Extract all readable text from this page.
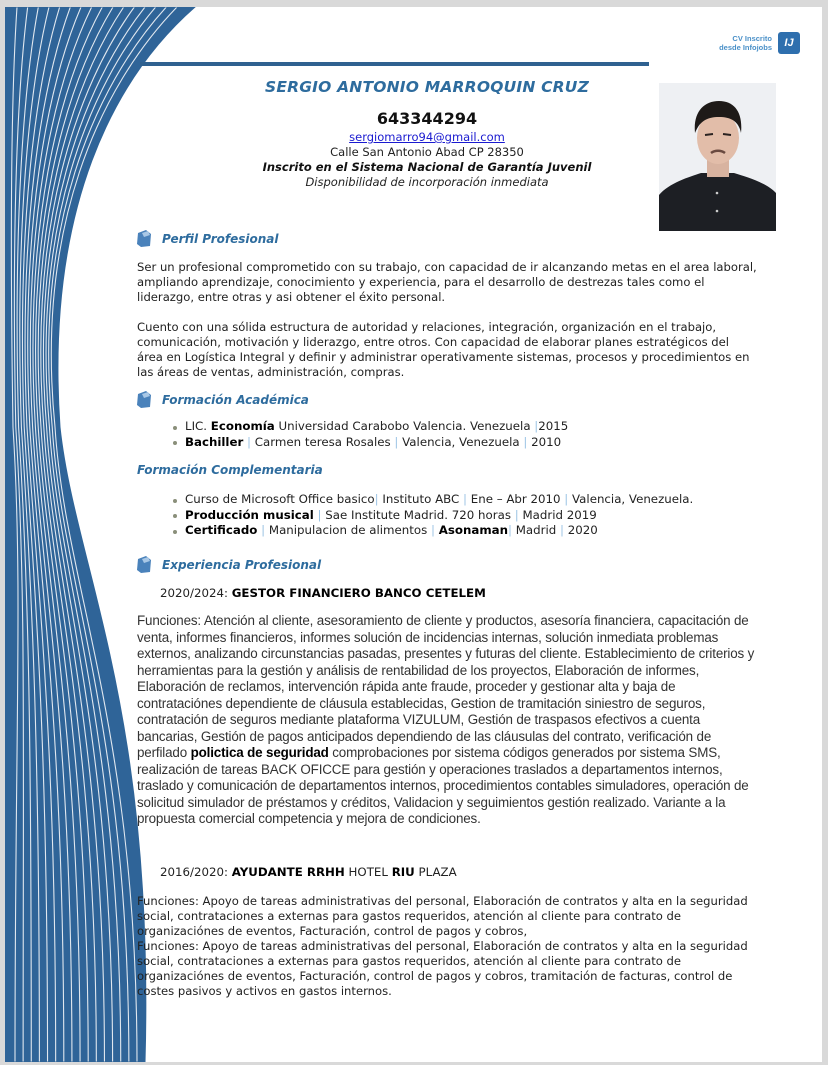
CV Inscrito
desde Infojobs	IJ
SERGIO ANTONIO MARROQUIN CRUZ
643344294
sergiomarro94@gmail.com
Calle San Antonio Abad CP 28350
Inscrito en el Sistema Nacional de Garantía Juvenil
Disponibilidad de incorporación inmediata
Perfil Profesional

Ser un profesional comprometido con su trabajo, con capacidad de ir alcanzando metas en el area laboral, ampliando aprendizaje, conocimiento y experiencia, para el desarrollo de destrezas tales como el liderazgo, entre otras y asi obtener el éxito personal.

Cuento con una sólida estructura de autoridad y relaciones, integración, organización en el trabajo, comunicación, motivación y liderazgo, entre otros. Con capacidad de elaborar planes estratégicos del área en Logística Integral y definir y administrar operativamente sistemas, procesos y procedimientos en las áreas de ventas, administración, compras.

Formación Académica
LIC. Economía Universidad Carabobo Valencia. Venezuela |2015
Bachiller | Carmen teresa Rosales | Valencia, Venezuela | 2010
Formación Complementaria
Curso de Microsoft Office basico| Instituto ABC | Ene – Abr 2010 | Valencia, Venezuela.
Producción musical | Sae Institute Madrid. 720 horas | Madrid 2019
Certificado | Manipulacion de alimentos | Asonaman| Madrid | 2020
Experiencia Profesional
2020/2024: GESTOR FINANCIERO BANCO CETELEM

Funciones: Atención al cliente, asesoramiento de cliente y productos, asesoría financiera, capacitación de venta, informes financieros, informes solución de incidencias internas, solución inmediata problemas externos, analizando circunstancias pasadas, presentes y futuras del cliente. Establecimiento de criterios y herramientas para la gestión y análisis de rentabilidad de los proyectos, Elaboración de informes, Elaboración de reclamos, intervención rápida ante fraude, proceder y gestionar alta y baja de contrataciónes dependiente de cláusula establecidas, Gestion de tramitación siniestro de seguros, contratación de seguros mediante plataforma VIZULUM, Gestión de traspasos efectivos a cuenta bancarias, Gestión de pagos anticipados dependiendo de las cláusulas del contrato, verificación de perfilado polictica de seguridad comprobaciones por sistema códigos generados por sistema SMS, realización de tareas BACK OFICCE para gestión y operaciones traslados a departamentos internos, traslado y comunicación de departamentos internos, procedimientos contables simuladores, operación de solicitud simulador de préstamos y créditos, Validacion y seguimientos gestión realizado. Variante a la propuesta comercial competencia y mejora de condiciones.

2016/2020: AYUDANTE RRHH HOTEL RIU PLAZA

Funciones: Apoyo de tareas administrativas del personal, Elaboración de contratos y alta en la seguridad social, contrataciones a externas para gastos requeridos, atención al cliente para contrato de organizaciónes de eventos, Facturación, control de pagos y cobros,

Funciones: Apoyo de tareas administrativas del personal, Elaboración de contratos y alta en la seguridad social, contrataciones a externas para gastos requeridos, atención al cliente para contrato de organizaciónes de eventos, Facturación, control de pagos y cobros, tramitación de facturas, control de costes pasivos y activos en gastos internos.
